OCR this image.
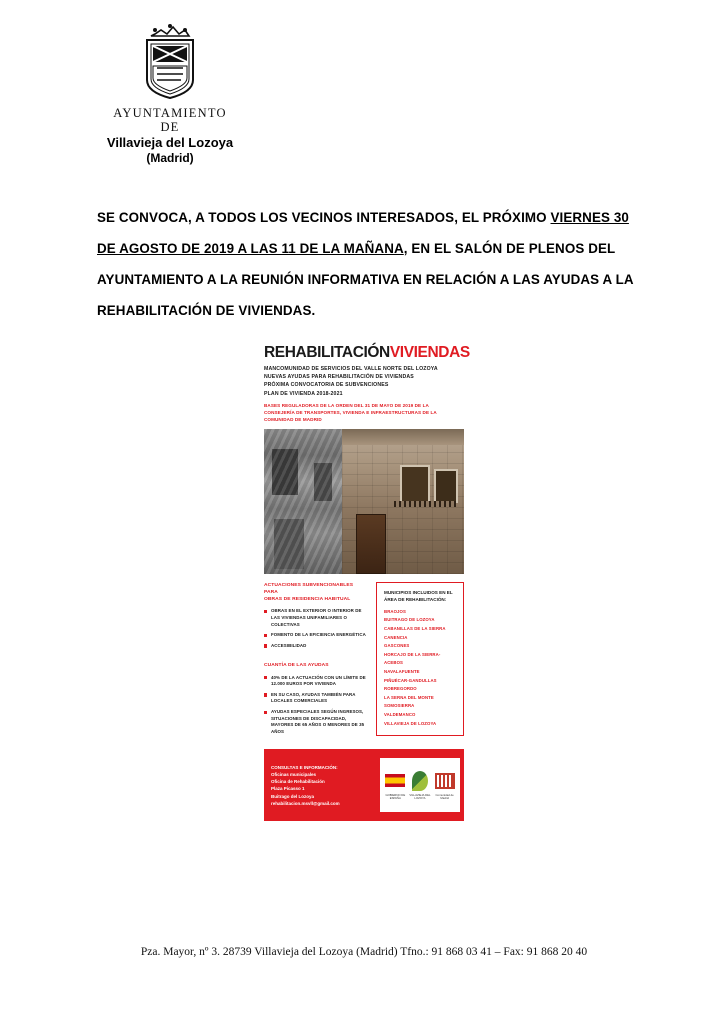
AYUNTAMIENTO
DE
Villavieja del Lozoya
(Madrid)
SE CONVOCA, A TODOS LOS VECINOS INTERESADOS, EL PRÓXIMO VIERNES 30 DE AGOSTO DE 2019 A LAS 11 DE LA MAÑANA, EN EL SALÓN DE PLENOS DEL AYUNTAMIENTO A LA REUNIÓN INFORMATIVA EN RELACIÓN A LAS AYUDAS A LA REHABILITACIÓN DE VIVIENDAS.
REHABILITACIÓNVIVIENDAS
MANCOMUNIDAD DE SERVICIOS DEL VALLE NORTE DEL LOZOYA
NUEVAS AYUDAS PARA REHABILITACIÓN DE VIVIENDAS
PRÓXIMA CONVOCATORIA DE SUBVENCIONES
PLAN DE VIVIENDA 2018-2021
BASES REGULADORAS DE LA ORDEN DEL 31 DE MAYO DE 2019 DE LA CONSEJERÍA DE TRANSPORTES, VIVIENDA E INFRAESTRUCTURAS DE LA COMUNIDAD DE MADRID
ACTUACIONES SUBVENCIONABLES PARA
OBRAS DE RESIDENCIA HABITUAL
OBRAS EN EL EXTERIOR O INTERIOR DE LAS VIVIENDAS UNIFAMILIARES O COLECTIVAS
FOMENTO DE LA EFICIENCIA ENERGÉTICA
ACCESIBILIDAD
CUANTÍA DE LAS AYUDAS
40% DE LA ACTUACIÓN CON UN LÍMITE DE 12.000 EUROS POR VIVIENDA
EN SU CASO, AYUDAS TAMBIÉN PARA LOCALES COMERCIALES
AYUDAS ESPECIALES SEGÚN INGRESOS, SITUACIONES DE DISCAPACIDAD, MAYORES DE 65 AÑOS O MENORES DE 35 AÑOS
MUNICIPIOS INCLUIDOS EN EL
ÁREA DE REHABILITACIÓN:
BRAOJOS
BUITRAGO DE LOZOYA
CABANILLAS DE LA SIERRA
CANENCIA
GASCONES
HORCAJO DE LA SIERRA-ACEBOS
NAVALAFUENTE
PIÑUÉCAR-GANDULLAS
ROBREGORDO
LA SERNA DEL MONTE
SOMOSIERRA
VALDEMANCO
VILLAVIEJA DE LOZOYA
CONSULTAS E INFORMACIÓN:
Oficinas municipales
Oficina de Rehabilitación
Plaza Picasso 1
Buitrago del Lozoya
rehabilitacion.msvll@gmail.com
GOBIERNO DE ESPAÑA
VILLAVIEJA DEL LOZOYA
Comunidad de Madrid
Pza. Mayor, nº 3. 28739 Villavieja del Lozoya (Madrid) Tfno.: 91 868 03 41 – Fax: 91 868 20 40
